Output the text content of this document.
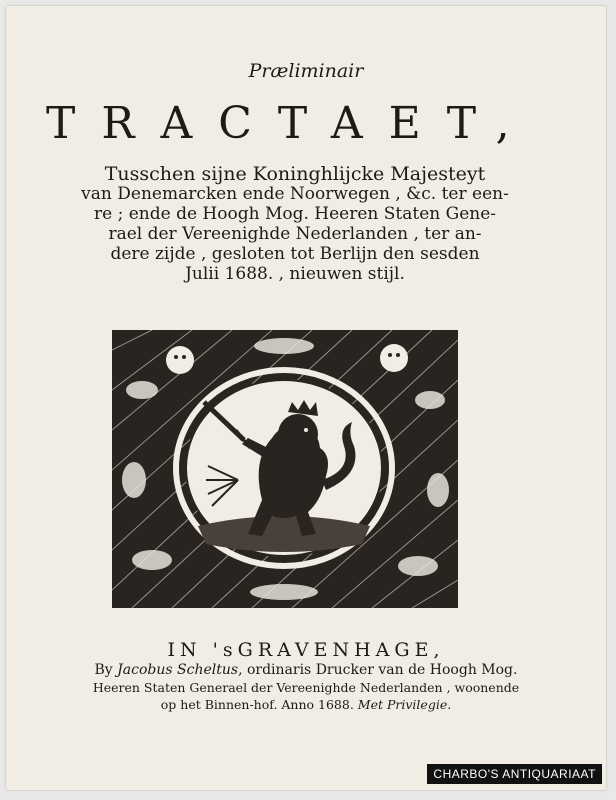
Præliminair
TRACTAET,
Tusschen sijne Koninghlijcke Majesteyt
van Denemarcken ende Noorwegen , &c. ter een-
re ; ende de Hoogh Mog. Heeren Staten Gene-
rael der Vereenighde Nederlanden , ter an-
dere zijde , gesloten tot Berlijn den sesden
Julii 1688. , nieuwen stijl.
IN 'sGRAVENHAGE,
By Jacobus Scheltus, ordinaris Drucker van de Hoogh Mog.
Heeren Staten Generael der Vereenighde Nederlanden , woonende
op het Binnen-hof. Anno 1688. Met Privilegie.
CHARBO'S ANTIQUARIAAT
